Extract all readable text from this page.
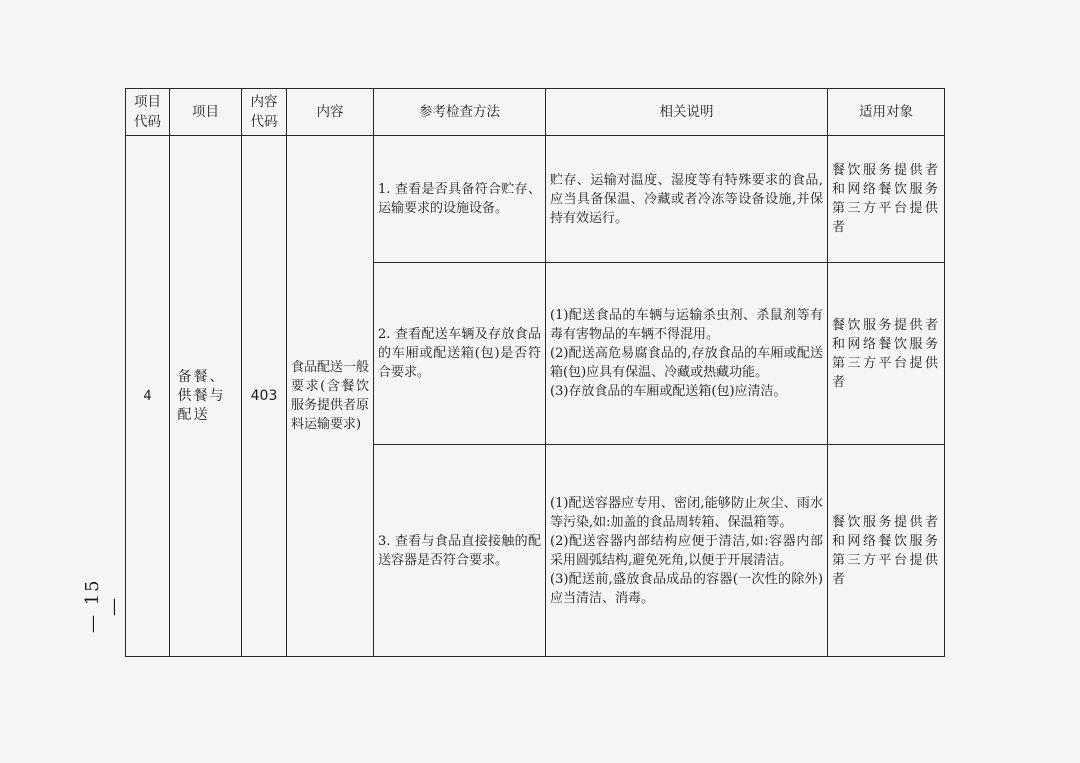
项目代码	项目	内容代码	内容	参考检查方法	相关说明	适用对象
4	备餐、供餐与配送	403	食品配送一般要求(含餐饮服务提供者原料运输要求)	1. 查看是否具备符合贮存、运输要求的设施设备。	贮存、运输对温度、湿度等有特殊要求的食品,应当具备保温、冷藏或者冷冻等设备设施,并保持有效运行。	餐饮服务提供者和网络餐饮服务第三方平台提供者
				2. 查看配送车辆及存放食品的车厢或配送箱(包)是否符合要求。	(1)配送食品的车辆与运输杀虫剂、杀鼠剂等有毒有害物品的车辆不得混用。
(2)配送高危易腐食品的,存放食品的车厢或配送箱(包)应具有保温、冷藏或热藏功能。
(3)存放食品的车厢或配送箱(包)应清洁。	餐饮服务提供者和网络餐饮服务第三方平台提供者
				3. 查看与食品直接接触的配送容器是否符合要求。	(1)配送容器应专用、密闭,能够防止灰尘、雨水等污染,如:加盖的食品周转箱、保温箱等。
(2)配送容器内部结构应便于清洁,如:容器内部采用圆弧结构,避免死角,以便于开展清洁。
(3)配送前,盛放食品成品的容器(一次性的除外)应当清洁、消毒。	餐饮服务提供者和网络餐饮服务第三方平台提供者
— 15 —
